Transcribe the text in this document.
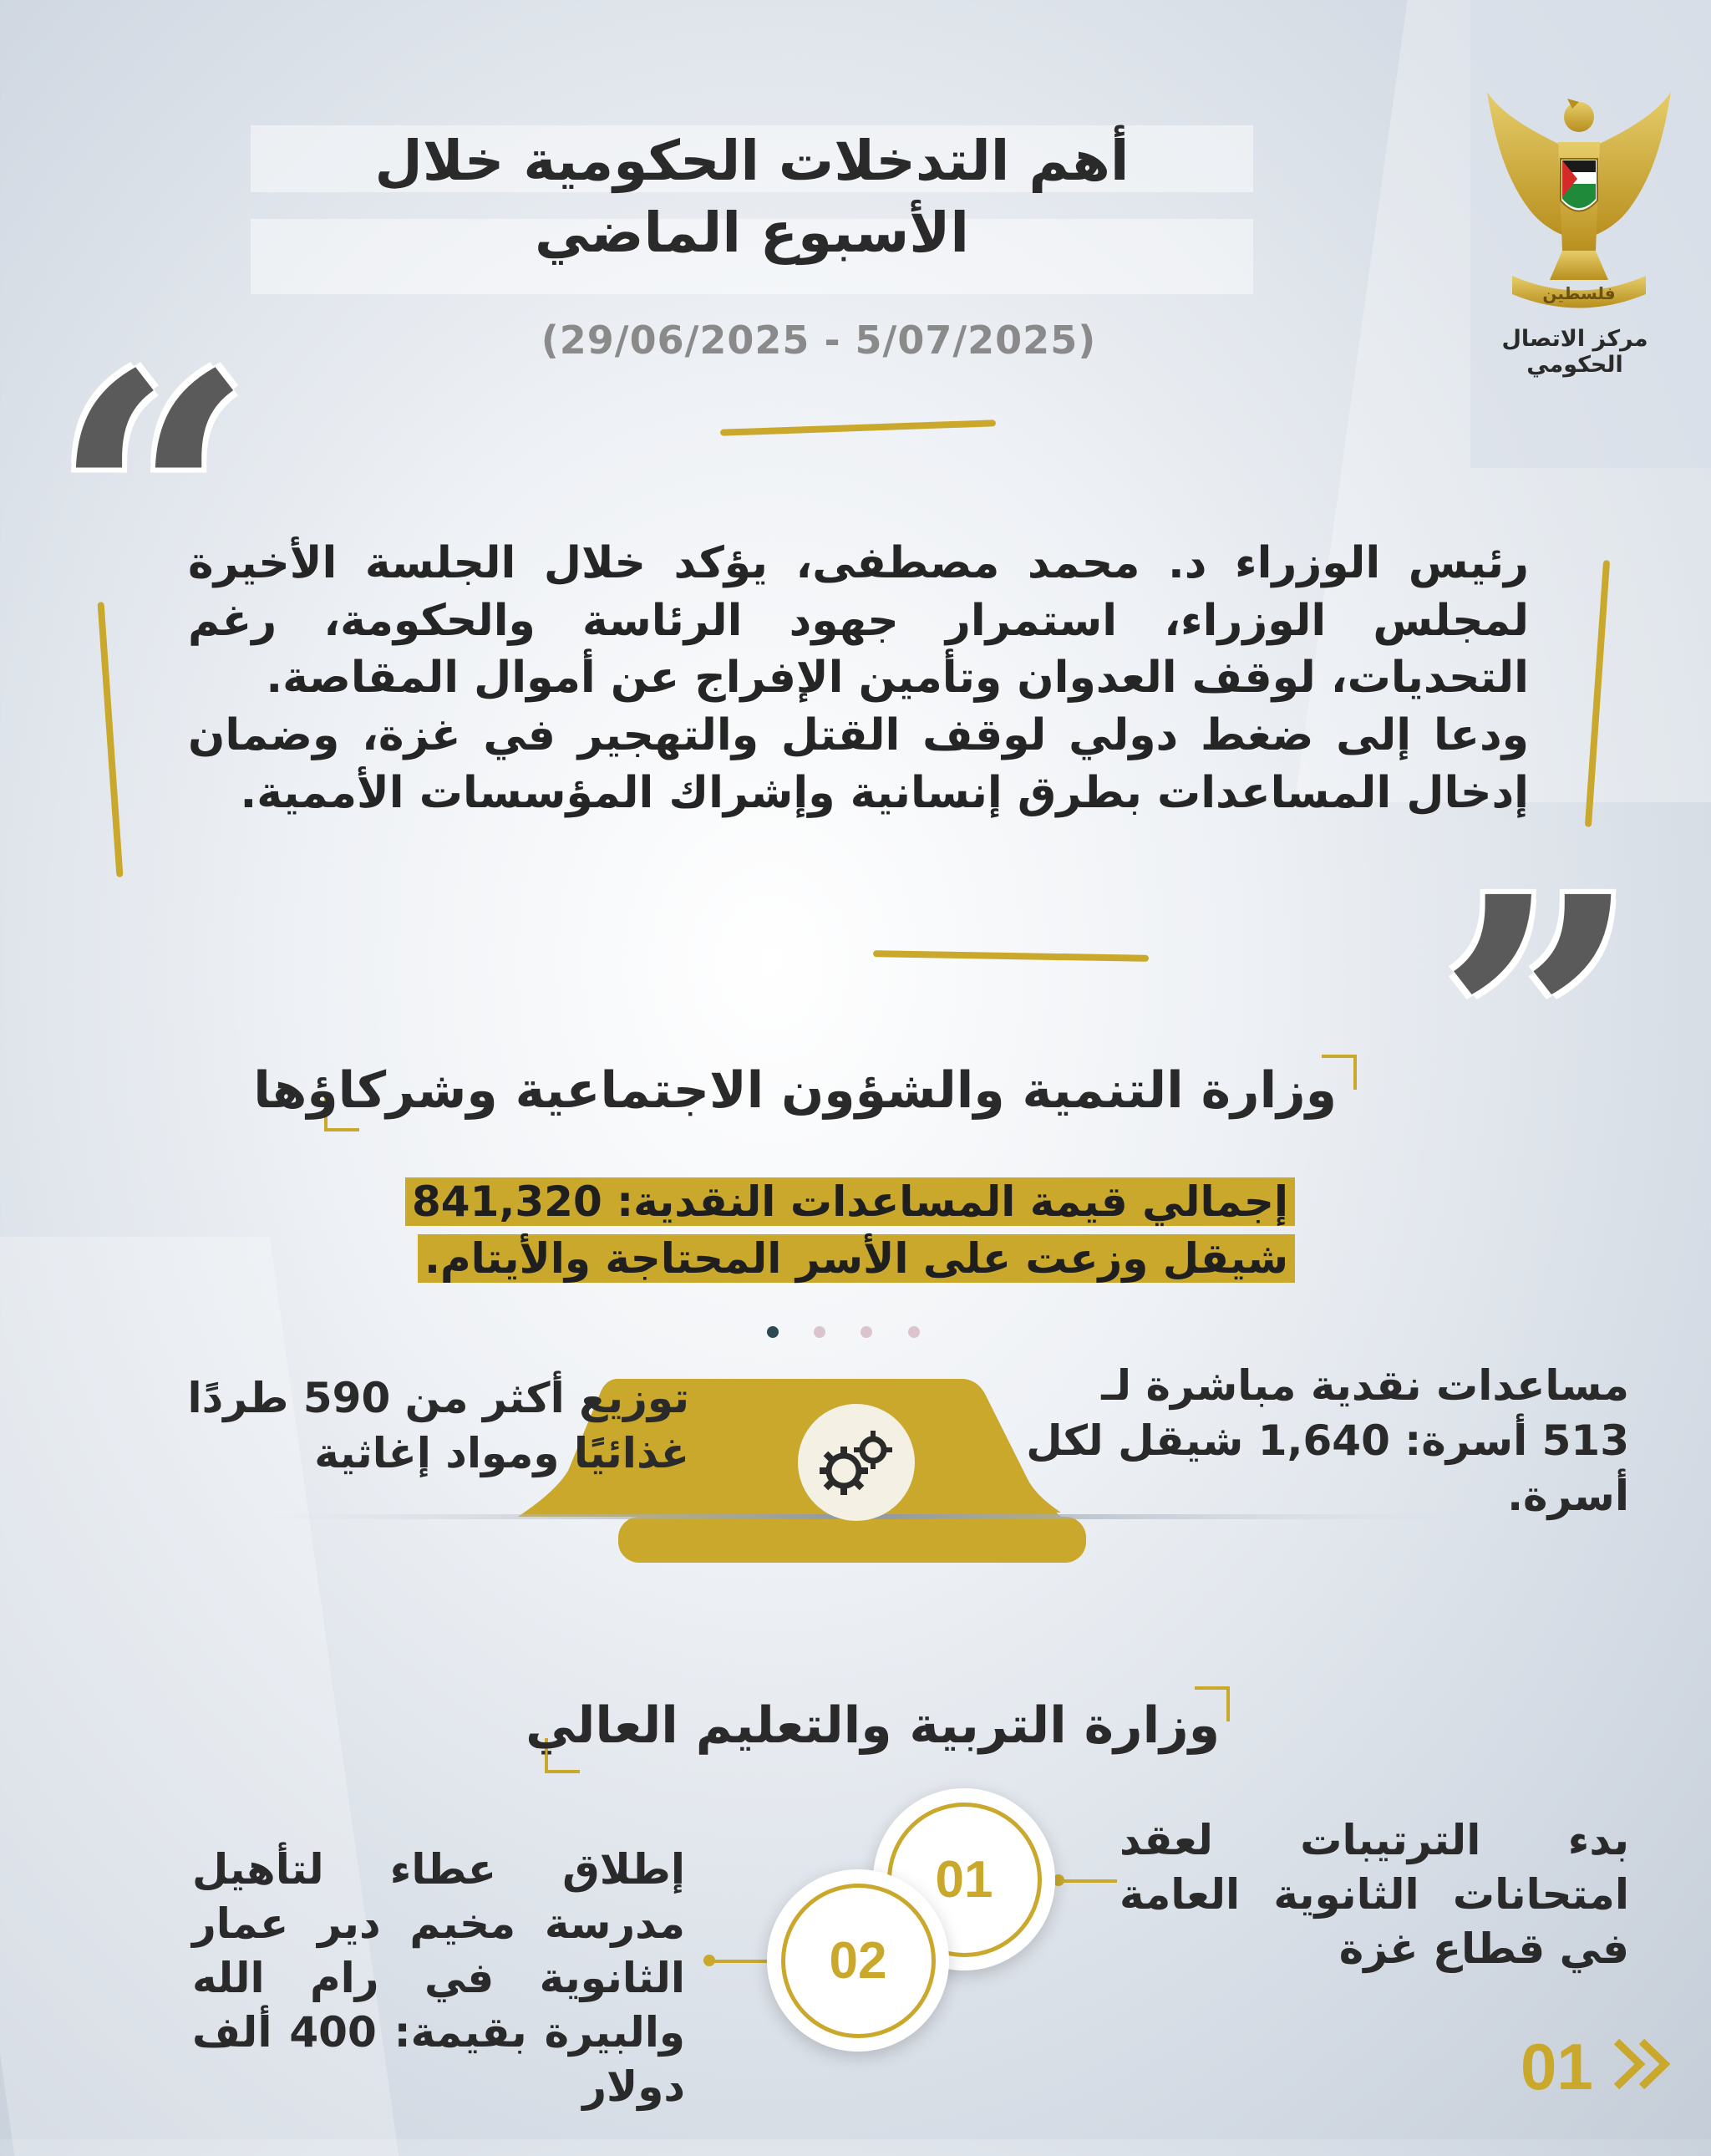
أهم التدخلات الحكومية خلال
الأسبوع الماضي
(29/06/2025 - 5/07/2025)
فلسطين
مركز الاتصال الحكومي
“
رئيس الوزراء د. محمد مصطفى، يؤكد خلال الجلسة الأخيرة لمجلس الوزراء، استمرار جهود الرئاسة والحكومة، رغم التحديات، لوقف العدوان وتأمين الإفراج عن أموال المقاصة.
ودعا إلى ضغط دولي لوقف القتل والتهجير في غزة، وضمان إدخال المساعدات بطرق إنسانية وإشراك المؤسسات الأممية.
”
وزارة التنمية والشؤون الاجتماعية وشركاؤها
إجمالي قيمة المساعدات النقدية: 841,320 شيقل وزعت على الأسر المحتاجة والأيتام.
مساعدات نقدية مباشرة لـ 513 أسرة: 1,640 شيقل لكل أسرة.
توزيع أكثر من 590 طردًا غذائيًا ومواد إغاثية
وزارة التربية والتعليم العالي
01
02
بدء الترتيبات لعقد امتحانات الثانوية العامة في قطاع غزة
إطلاق عطاء لتأهيل مدرسة مخيم دير عمار الثانوية في رام الله والبيرة بقيمة: 400 ألف دولار	01
